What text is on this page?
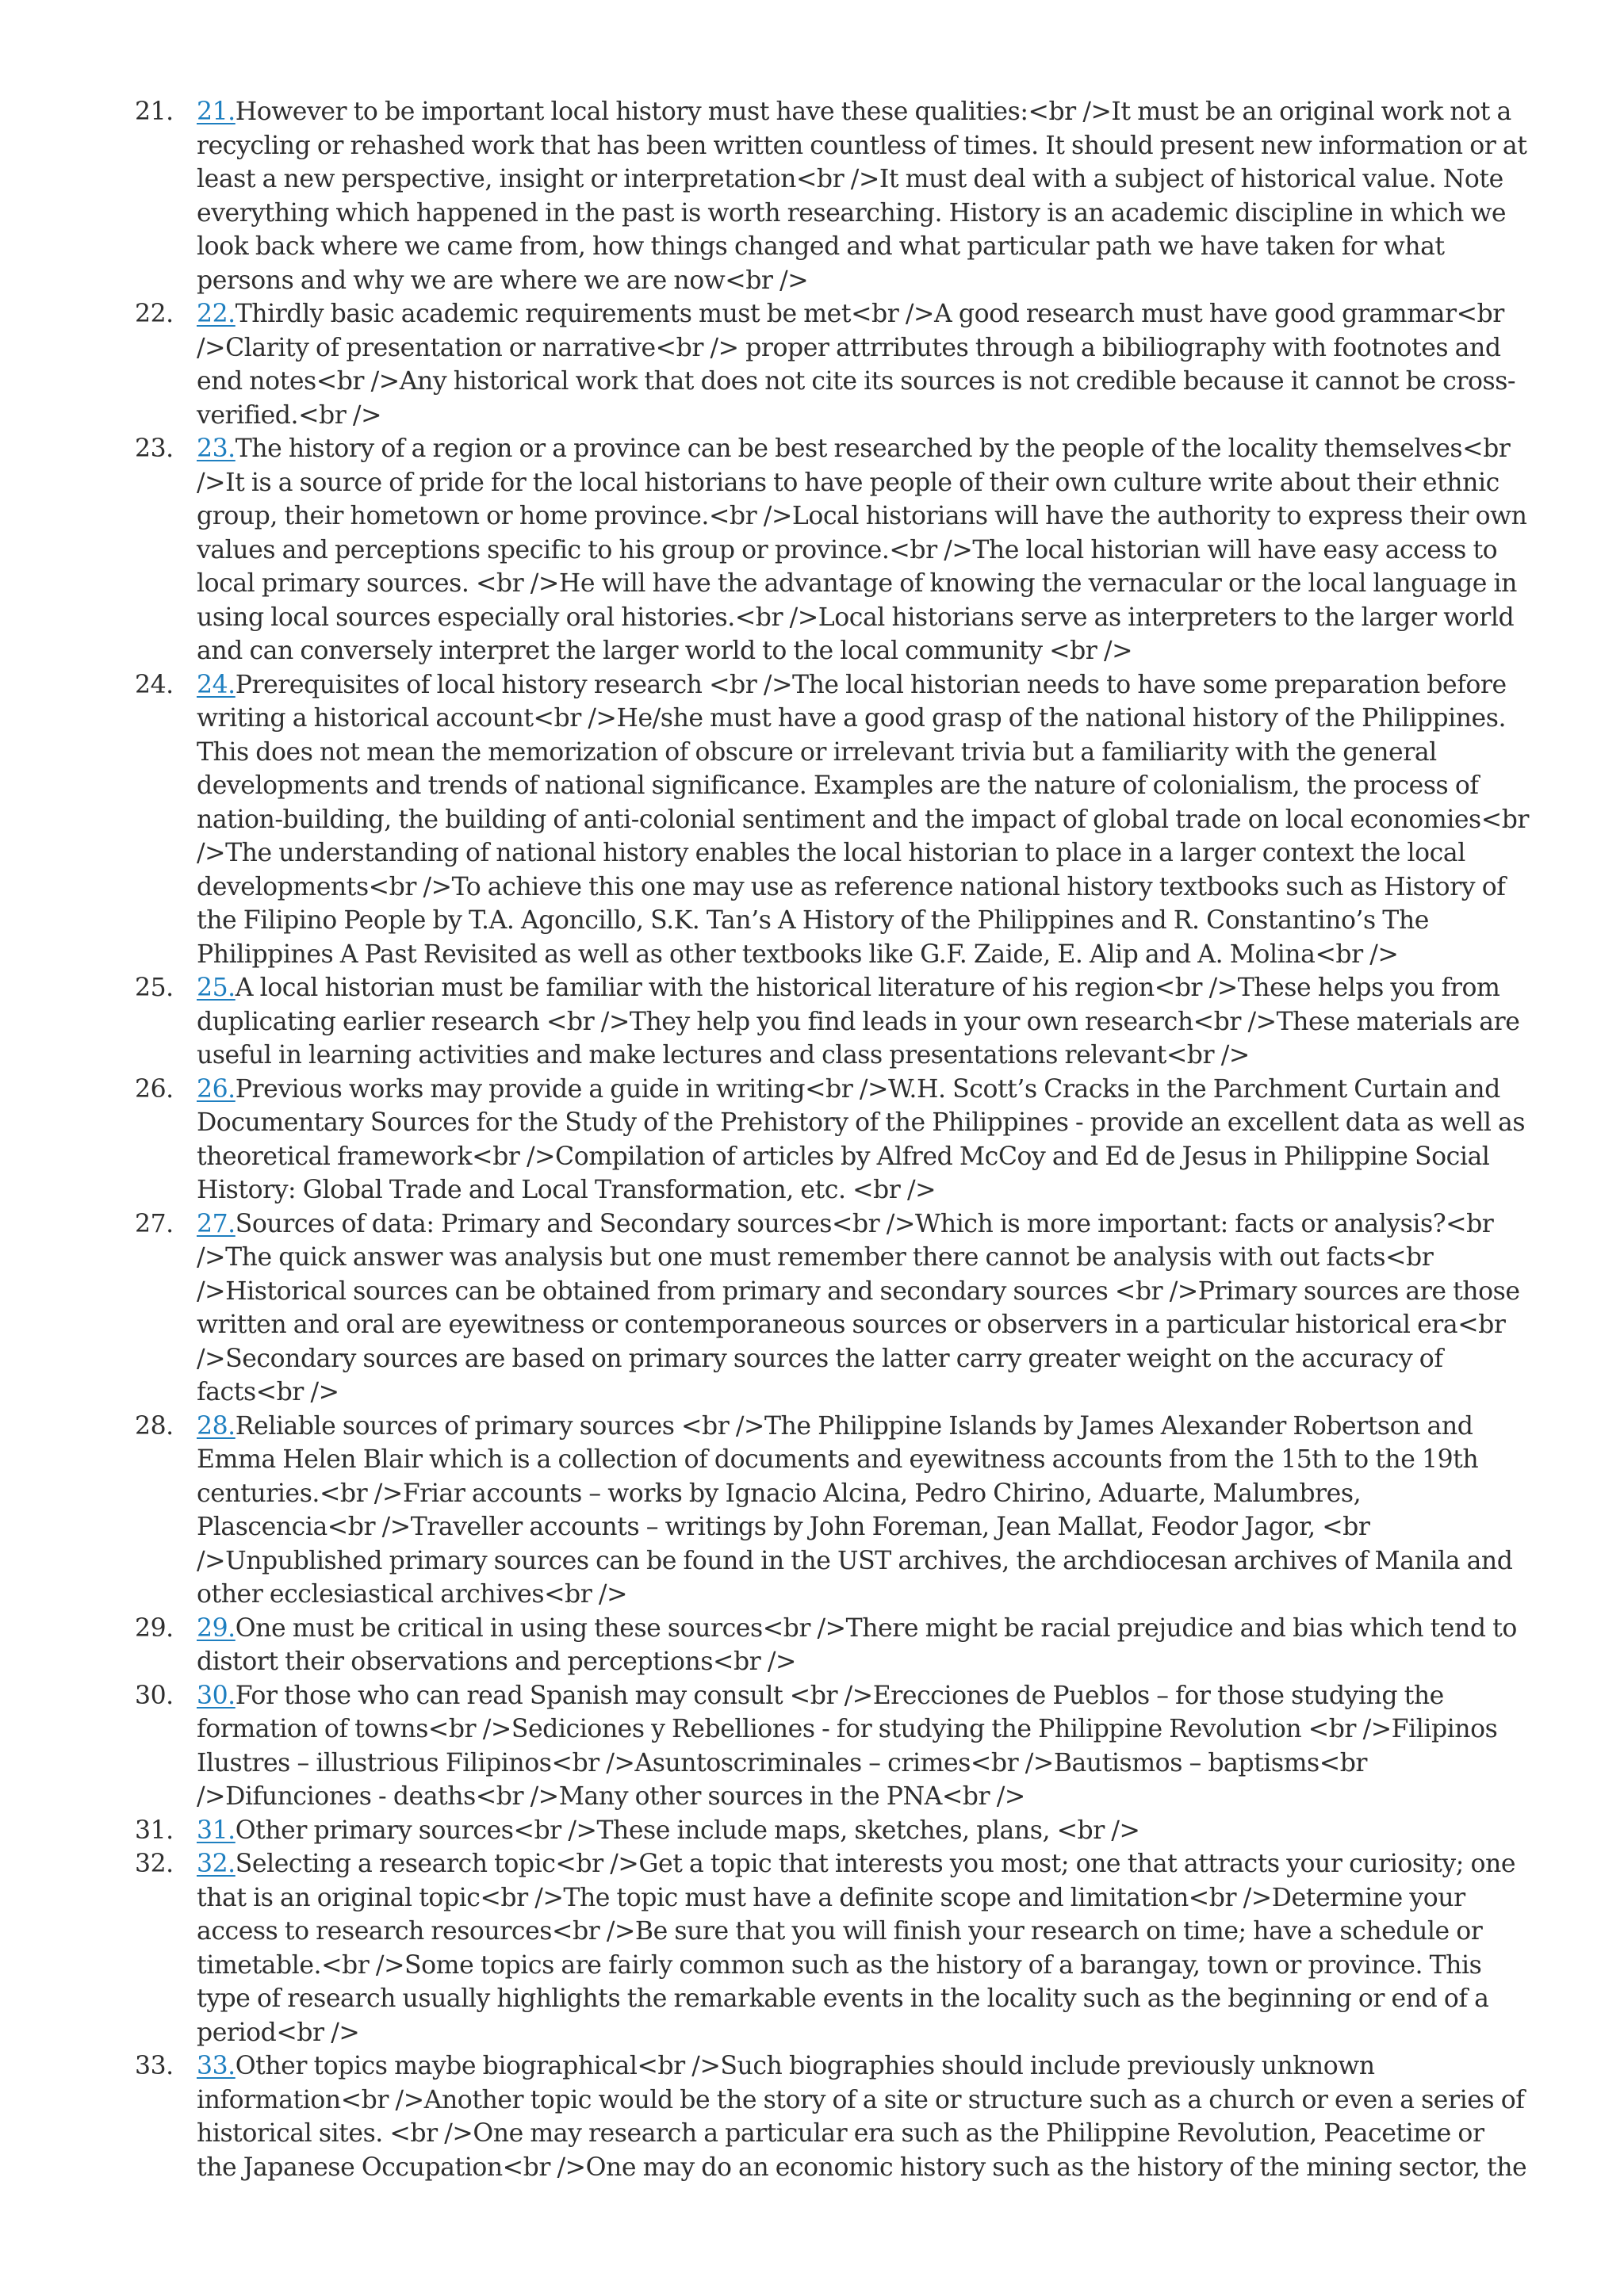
21. 21.However to be important local history must have these qualities:<br />It must be an original work not a recycling or rehashed work that has been written countless of times. It should present new information or at least a new perspective, insight or interpretation<br />It must deal with a subject of historical value. Note everything which happened in the past is worth researching. History is an academic discipline in which we look back where we came from, how things changed and what particular path we have taken for what persons and why we are where we are now<br />
22. 22.Thirdly basic academic requirements must be met<br />A good research must have good grammar<br />Clarity of presentation or narrative<br /> proper attrributes through a bibiliography with footnotes and end notes<br />Any historical work that does not cite its sources is not credible because it cannot be cross-verified.<br />
23. 23.The history of a region or a province can be best researched by the people of the locality themselves<br />It is a source of pride for the local historians to have people of their own culture write about their ethnic group, their hometown or home province.<br />Local historians will have the authority to express their own values and perceptions specific to his group or province.<br />The local historian will have easy access to local primary sources. <br />He will have the advantage of knowing the vernacular or the local language in using local sources especially oral histories.<br />Local historians serve as interpreters to the larger world and can conversely interpret the larger world to the local community <br />
24. 24.Prerequisites of local history research <br />The local historian needs to have some preparation before writing a historical account<br />He/she must have a good grasp of the national history of the Philippines. This does not mean the memorization of obscure or irrelevant trivia but a familiarity with the general developments and trends of national significance. Examples are the nature of colonialism, the process of nation-building, the building of anti-colonial sentiment and the impact of global trade on local economies<br />The understanding of national history enables the local historian to place in a larger context the local developments<br />To achieve this one may use as reference national history textbooks such as History of the Filipino People by T.A. Agoncillo, S.K. Tan’s A History of the Philippines and R. Constantino’s The Philippines A Past Revisited as well as other textbooks like G.F. Zaide, E. Alip and A. Molina<br />
25. 25.A local historian must be familiar with the historical literature of his region<br />These helps you from duplicating earlier research <br />They help you find leads in your own research<br />These materials are useful in learning activities and make lectures and class presentations relevant<br />
26. 26.Previous works may provide a guide in writing<br />W.H. Scott’s Cracks in the Parchment Curtain and Documentary Sources for the Study of the Prehistory of the Philippines - provide an excellent data as well as theoretical framework<br />Compilation of articles by Alfred McCoy and Ed de Jesus in Philippine Social History: Global Trade and Local Transformation, etc. <br />
27. 27.Sources of data: Primary and Secondary sources<br />Which is more important: facts or analysis?<br />The quick answer was analysis but one must remember there cannot be analysis with out facts<br />Historical sources can be obtained from primary and secondary sources <br />Primary sources are those written and oral are eyewitness or contemporaneous sources or observers in a particular historical era<br />Secondary sources are based on primary sources the latter carry greater weight on the accuracy of facts<br />
28. 28.Reliable sources of primary sources <br />The Philippine Islands by James Alexander Robertson and Emma Helen Blair which is a collection of documents and eyewitness accounts from the 15th to the 19th centuries.<br />Friar accounts – works by Ignacio Alcina, Pedro Chirino, Aduarte, Malumbres, Plascencia<br />Traveller accounts – writings by John Foreman, Jean Mallat, Feodor Jagor, <br />Unpublished primary sources can be found in the UST archives, the archdiocesan archives of Manila and other ecclesiastical archives<br />
29. 29.One must be critical in using these sources<br />There might be racial prejudice and bias which tend to distort their observations and perceptions<br />
30. 30.For those who can read Spanish may consult <br />Erecciones de Pueblos – for those studying the formation of towns<br />Sediciones y Rebelliones - for studying the Philippine Revolution <br />Filipinos Ilustres – illustrious Filipinos<br />Asuntoscriminales – crimes<br />Bautismos – baptisms<br />Difunciones - deaths<br />Many other sources in the PNA<br />
31. 31.Other primary sources<br />These include maps, sketches, plans, <br />
32. 32.Selecting a research topic<br />Get a topic that interests you most; one that attracts your curiosity; one that is an original topic<br />The topic must have a definite scope and limitation<br />Determine your access to research resources<br />Be sure that you will finish your research on time; have a schedule or timetable.<br />Some topics are fairly common such as the history of a barangay, town or province. This type of research usually highlights the remarkable events in the locality such as the beginning or end of a period<br />
33. 33.Other topics maybe biographical<br />Such biographies should include previously unknown information<br />Another topic would be the story of a site or structure such as a church or even a series of historical sites. <br />One may research a particular era such as the Philippine Revolution, Peacetime or the Japanese Occupation<br />One may do an economic history such as the history of the mining sector, the
